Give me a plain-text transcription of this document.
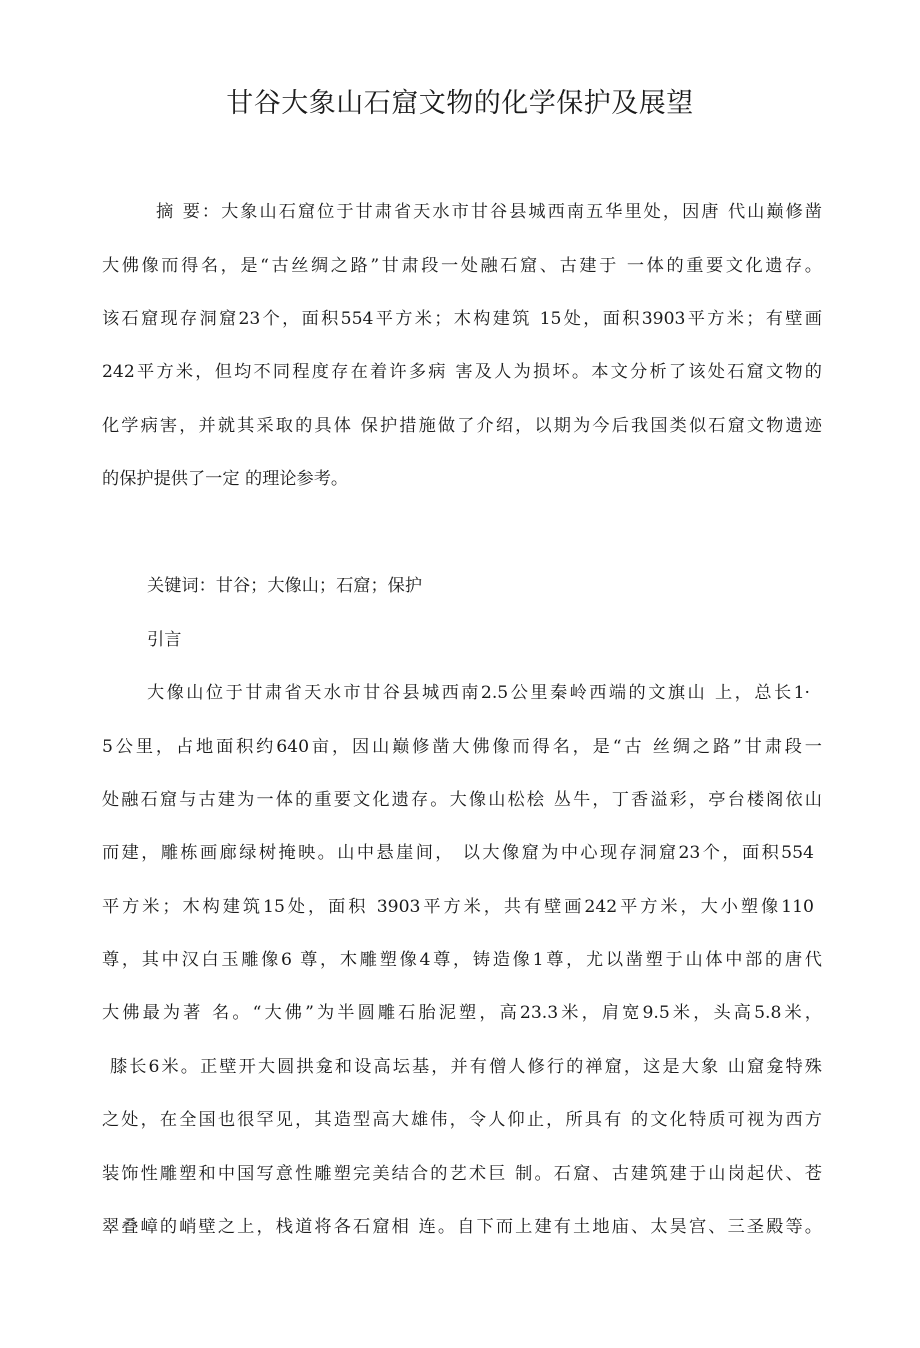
甘谷大象山石窟文物的化学保护及展望
摘 要：大象山石窟位于甘肃省天水市甘谷县城西南五华里处，因唐 代山巅修凿
大佛像而得名，是“古丝绸之路”甘肃段一处融石窟、古建于 一体的重要文化遗存。
该石窟现存洞窟23个，面积554平方米；木构建筑 15处，面积3903平方米；有壁画
242平方米，但均不同程度存在着许多病 害及人为损坏。本文分析了该处石窟文物的
化学病害，并就其采取的具体 保护措施做了介绍，以期为今后我国类似石窟文物遗迹
的保护提供了一定 的理论参考。
关键词：甘谷；大像山；石窟；保护
引言
大像山位于甘肃省天水市甘谷县城西南2.5公里秦岭西端的文旗山 上，总长1·
5公里，占地面积约640亩，因山巅修凿大佛像而得名，是“古 丝绸之路”甘肃段一
处融石窟与古建为一体的重要文化遗存。大像山松桧 丛牛，丁香溢彩，亭台楼阁依山
而建，雕栋画廊绿树掩映。山中悬崖间， 以大像窟为中心现存洞窟23个，面积554
平方米；木构建筑15处，面积 3903平方米，共有壁画242平方米，大小塑像110
尊，其中汉白玉雕像6 尊，木雕塑像4尊，铸造像1尊，尤以凿塑于山体中部的唐代
大佛最为著 名。“大佛”为半圆雕石胎泥塑，高23.3米，肩宽9.5米，头高5.8米，
膝长6米。正壁开大圆拱龛和设高坛基，并有僧人修行的禅窟，这是大象 山窟龛特殊
之处，在全国也很罕见，其造型高大雄伟，令人仰止，所具有 的文化特质可视为西方
装饰性雕塑和中国写意性雕塑完美结合的艺术巨 制。石窟、古建筑建于山岗起伏、苍
翠叠嶂的峭壁之上，栈道将各石窟相 连。自下而上建有土地庙、太昊宫、三圣殿等。
